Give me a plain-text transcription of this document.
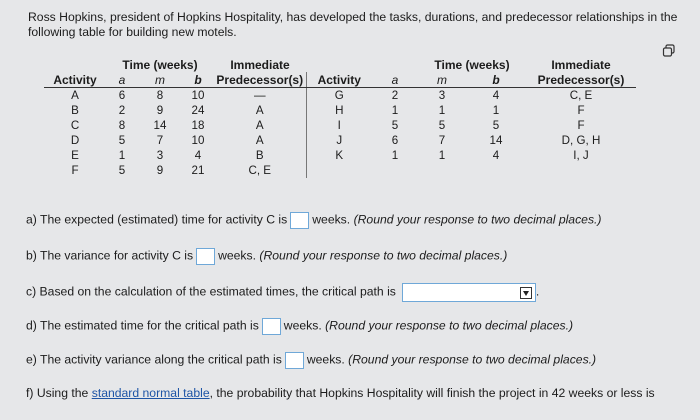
Ross Hopkins, president of Hopkins Hospitality, has developed the tasks, durations, and predecessor relationships in the following table for building new motels.
	Time (weeks)			Immediate			Time (weeks)		Immediate
Activity	a	m	b	Predecessor(s)	Activity	a	m	b	Predecessor(s)
A	6	8	10	—	G	2	3	4	C, E
B	2	9	24	A	H	1	1	1	F
C	8	14	18	A	I	5	5	5	F
D	5	7	10	A	J	6	7	14	D, G, H
E	1	3	4	B	K	1	1	4	I, J
F	5	9	21	C, E					
a) The expected (estimated) time for activity C is weeks. (Round your response to two decimal places.)
b) The variance for activity C is weeks. (Round your response to two decimal places.)
c) Based on the calculation of the estimated times, the critical path is	.
d) The estimated time for the critical path is weeks. (Round your response to two decimal places.)
e) The activity variance along the critical path is weeks. (Round your response to two decimal places.)
f) Using the standard normal table, the probability that Hopkins Hospitality will finish the project in 42 weeks or less is
